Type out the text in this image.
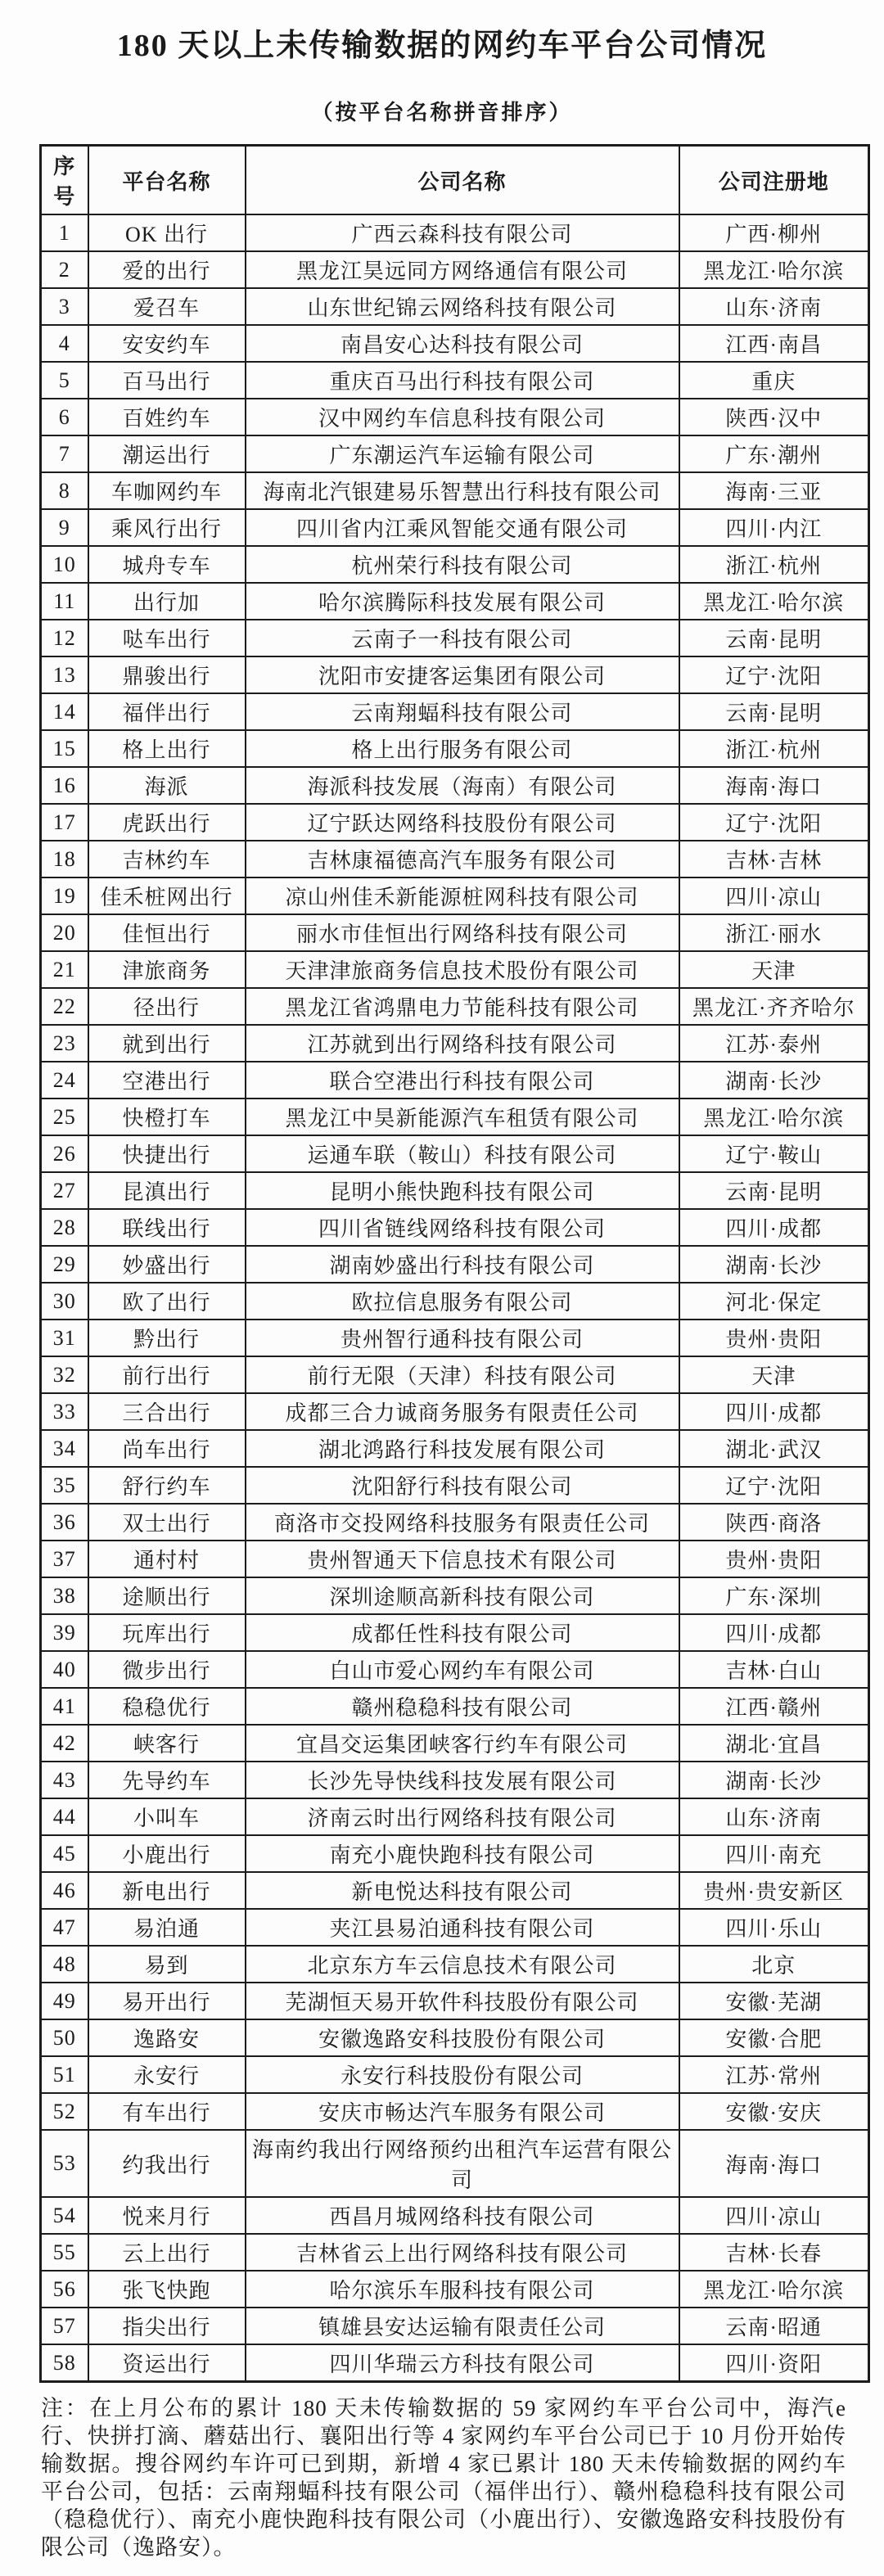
180 天以上未传输数据的网约车平台公司情况
（按平台名称拼音排序）
序号	平台名称	公司名称	公司注册地
1	OK 出行	广西云森科技有限公司	广西·柳州
2	爱的出行	黑龙江昊远同方网络通信有限公司	黑龙江·哈尔滨
3	爱召车	山东世纪锦云网络科技有限公司	山东·济南
4	安安约车	南昌安心达科技有限公司	江西·南昌
5	百马出行	重庆百马出行科技有限公司	重庆
6	百姓约车	汉中网约车信息科技有限公司	陕西·汉中
7	潮运出行	广东潮运汽车运输有限公司	广东·潮州
8	车咖网约车	海南北汽银建易乐智慧出行科技有限公司	海南·三亚
9	乘风行出行	四川省内江乘风智能交通有限公司	四川·内江
10	城舟专车	杭州荣行科技有限公司	浙江·杭州
11	出行加	哈尔滨腾际科技发展有限公司	黑龙江·哈尔滨
12	哒车出行	云南子一科技有限公司	云南·昆明
13	鼎骏出行	沈阳市安捷客运集团有限公司	辽宁·沈阳
14	福伴出行	云南翔蝠科技有限公司	云南·昆明
15	格上出行	格上出行服务有限公司	浙江·杭州
16	海派	海派科技发展（海南）有限公司	海南·海口
17	虎跃出行	辽宁跃达网络科技股份有限公司	辽宁·沈阳
18	吉林约车	吉林康福德高汽车服务有限公司	吉林·吉林
19	佳禾桩网出行	凉山州佳禾新能源桩网科技有限公司	四川·凉山
20	佳恒出行	丽水市佳恒出行网络科技有限公司	浙江·丽水
21	津旅商务	天津津旅商务信息技术股份有限公司	天津
22	径出行	黑龙江省鸿鼎电力节能科技有限公司	黑龙江·齐齐哈尔
23	就到出行	江苏就到出行网络科技有限公司	江苏·泰州
24	空港出行	联合空港出行科技有限公司	湖南·长沙
25	快橙打车	黑龙江中昊新能源汽车租赁有限公司	黑龙江·哈尔滨
26	快捷出行	运通车联（鞍山）科技有限公司	辽宁·鞍山
27	昆滇出行	昆明小熊快跑科技有限公司	云南·昆明
28	联线出行	四川省链线网络科技有限公司	四川·成都
29	妙盛出行	湖南妙盛出行科技有限公司	湖南·长沙
30	欧了出行	欧拉信息服务有限公司	河北·保定
31	黔出行	贵州智行通科技有限公司	贵州·贵阳
32	前行出行	前行无限（天津）科技有限公司	天津
33	三合出行	成都三合力诚商务服务有限责任公司	四川·成都
34	尚车出行	湖北鸿路行科技发展有限公司	湖北·武汉
35	舒行约车	沈阳舒行科技有限公司	辽宁·沈阳
36	双士出行	商洛市交投网络科技服务有限责任公司	陕西·商洛
37	通村村	贵州智通天下信息技术有限公司	贵州·贵阳
38	途顺出行	深圳途顺高新科技有限公司	广东·深圳
39	玩库出行	成都任性科技有限公司	四川·成都
40	微步出行	白山市爱心网约车有限公司	吉林·白山
41	稳稳优行	赣州稳稳科技有限公司	江西·赣州
42	峡客行	宜昌交运集团峡客行约车有限公司	湖北·宜昌
43	先导约车	长沙先导快线科技发展有限公司	湖南·长沙
44	小叫车	济南云时出行网络科技有限公司	山东·济南
45	小鹿出行	南充小鹿快跑科技有限公司	四川·南充
46	新电出行	新电悦达科技有限公司	贵州·贵安新区
47	易泊通	夹江县易泊通科技有限公司	四川·乐山
48	易到	北京东方车云信息技术有限公司	北京
49	易开出行	芜湖恒天易开软件科技股份有限公司	安徽·芜湖
50	逸路安	安徽逸路安科技股份有限公司	安徽·合肥
51	永安行	永安行科技股份有限公司	江苏·常州
52	有车出行	安庆市畅达汽车服务有限公司	安徽·安庆
53	约我出行	海南约我出行网络预约出租汽车运营有限公司	海南·海口
54	悦来月行	西昌月城网络科技有限公司	四川·凉山
55	云上出行	吉林省云上出行网络科技有限公司	吉林·长春
56	张飞快跑	哈尔滨乐车服科技有限公司	黑龙江·哈尔滨
57	指尖出行	镇雄县安达运输有限责任公司	云南·昭通
58	资运出行	四川华瑞云方科技有限公司	四川·资阳

注：在上月公布的累计 180 天未传输数据的 59 家网约车平台公司中，海汽e行、快拼打滴、蘑菇出行、襄阳出行等 4 家网约车平台公司已于 10 月份开始传输数据。搜谷网约车许可已到期，新增 4 家已累计 180 天未传输数据的网约车平台公司，包括：云南翔蝠科技有限公司（福伴出行）、赣州稳稳科技有限公司（稳稳优行）、南充小鹿快跑科技有限公司（小鹿出行）、安徽逸路安科技股份有限公司（逸路安）。
